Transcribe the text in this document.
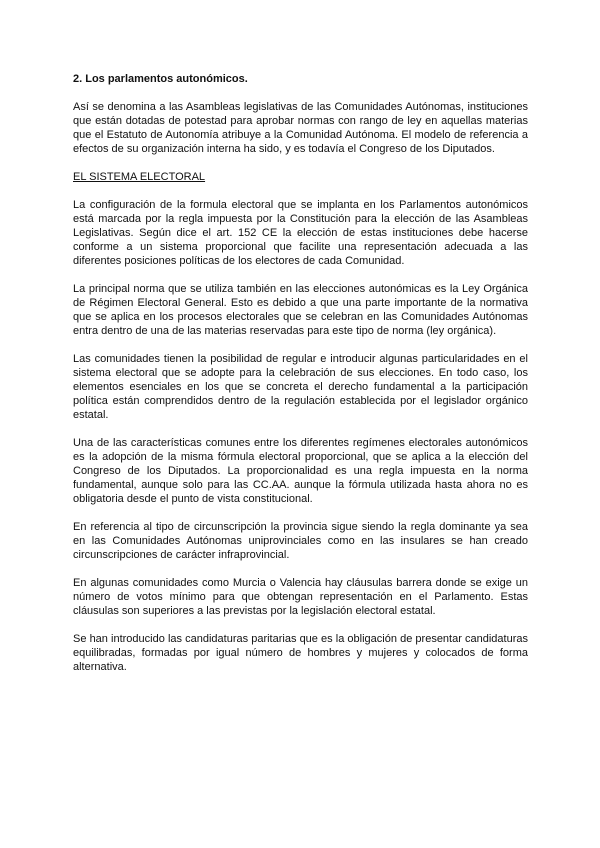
2. Los parlamentos autonómicos.

Así se denomina a las Asambleas legislativas de las Comunidades Autónomas, instituciones que están dotadas de potestad para aprobar normas con rango de ley en aquellas materias que el Estatuto de Autonomía atribuye a la Comunidad Autónoma. El modelo de referencia a efectos de su organización interna ha sido, y es todavía el Congreso de los Diputados.

EL SISTEMA ELECTORAL

La configuración de la formula electoral que se implanta en los Parlamentos autonómicos está marcada por la regla impuesta por la Constitución para la elección de las Asambleas Legislativas. Según dice el art. 152 CE la elección de estas instituciones debe hacerse conforme a un sistema proporcional que facilite una representación adecuada a las diferentes posiciones políticas de los electores de cada Comunidad.

La principal norma que se utiliza también en las elecciones autonómicas es la Ley Orgánica de Régimen Electoral General. Esto es debido a que una parte importante de la normativa que se aplica en los procesos electorales que se celebran en las Comunidades Autónomas entra dentro de una de las materias reservadas para este tipo de norma (ley orgánica).

Las comunidades tienen la posibilidad de regular e introducir algunas particularidades en el sistema electoral que se adopte para la celebración de sus elecciones. En todo caso, los elementos esenciales en los que se concreta el derecho fundamental a la participación política están comprendidos dentro de la regulación establecida por el legislador orgánico estatal.

Una de las características comunes entre los diferentes regímenes electorales autonómicos es la adopción de la misma fórmula electoral proporcional, que se aplica a la elección del Congreso de los Diputados. La proporcionalidad es una regla impuesta en la norma fundamental, aunque solo para las CC.AA. aunque la fórmula utilizada hasta ahora no es obligatoria desde el punto de vista constitucional.

En referencia al tipo de circunscripción la provincia sigue siendo la regla dominante ya sea en las Comunidades Autónomas uniprovinciales como en las insulares se han creado circunscripciones de carácter infraprovincial.

En algunas comunidades como Murcia o Valencia hay cláusulas barrera donde se exige un número de votos mínimo para que obtengan representación en el Parlamento. Estas cláusulas son superiores a las previstas por la legislación electoral estatal.

Se han introducido las candidaturas paritarias que es la obligación de presentar candidaturas equilibradas, formadas por igual número de hombres y mujeres y colocados de forma alternativa.
